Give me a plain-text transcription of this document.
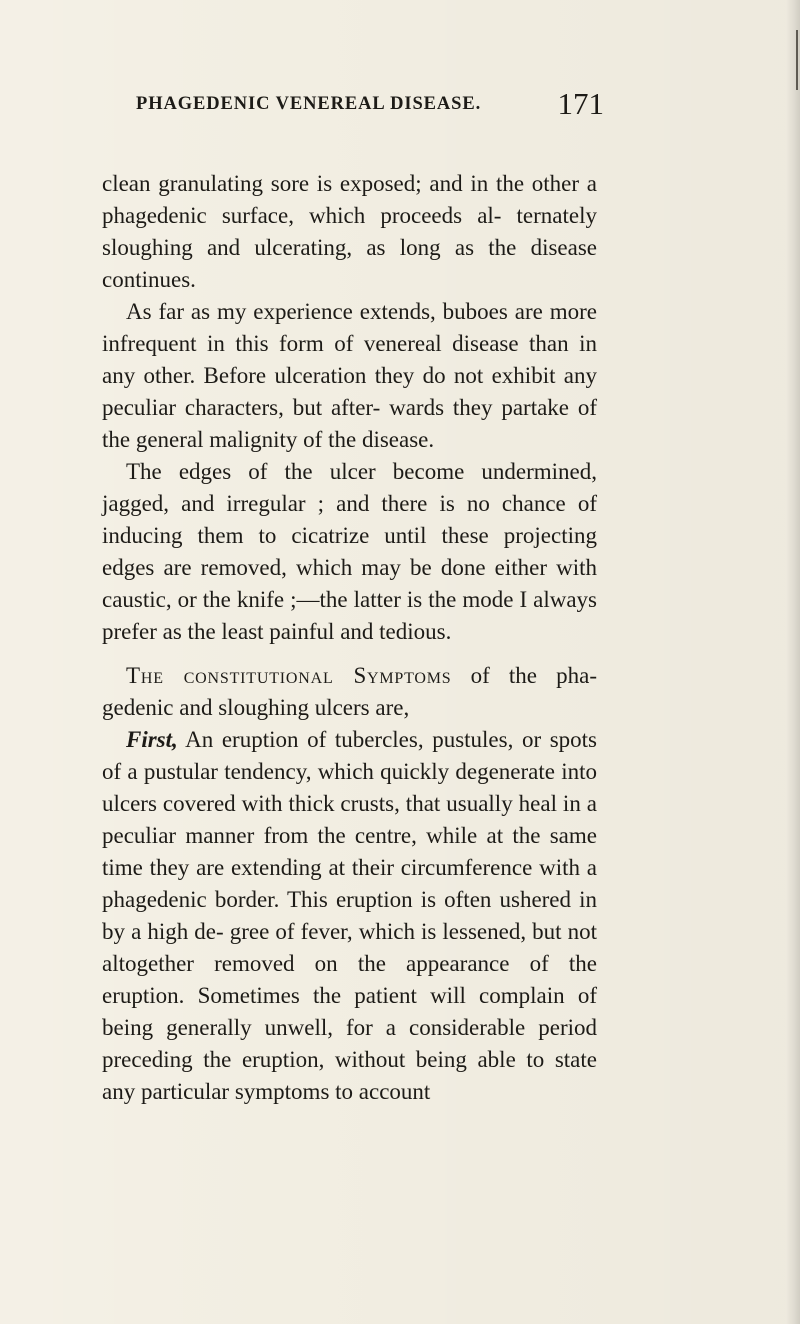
PHAGEDENIC VENEREAL DISEASE. 171

clean granulating sore is exposed; and in the other a phagedenic surface, which proceeds al- ternately sloughing and ulcerating, as long as the disease continues.

As far as my experience extends, buboes are more infrequent in this form of venereal disease than in any other. Before ulceration they do not exhibit any peculiar characters, but after- wards they partake of the general malignity of the disease.

The edges of the ulcer become undermined, jagged, and irregular ; and there is no chance of inducing them to cicatrize until these projecting edges are removed, which may be done either with caustic, or the knife ;—the latter is the mode I always prefer as the least painful and tedious.

The constitutional Symptoms of the pha- gedenic and sloughing ulcers are,

First, An eruption of tubercles, pustules, or spots of a pustular tendency, which quickly degenerate into ulcers covered with thick crusts, that usually heal in a peculiar manner from the centre, while at the same time they are extending at their circumference with a phagedenic border. This eruption is often ushered in by a high de- gree of fever, which is lessened, but not altogether removed on the appearance of the eruption. Sometimes the patient will complain of being generally unwell, for a considerable period preceding the eruption, without being able to state any particular symptoms to account
